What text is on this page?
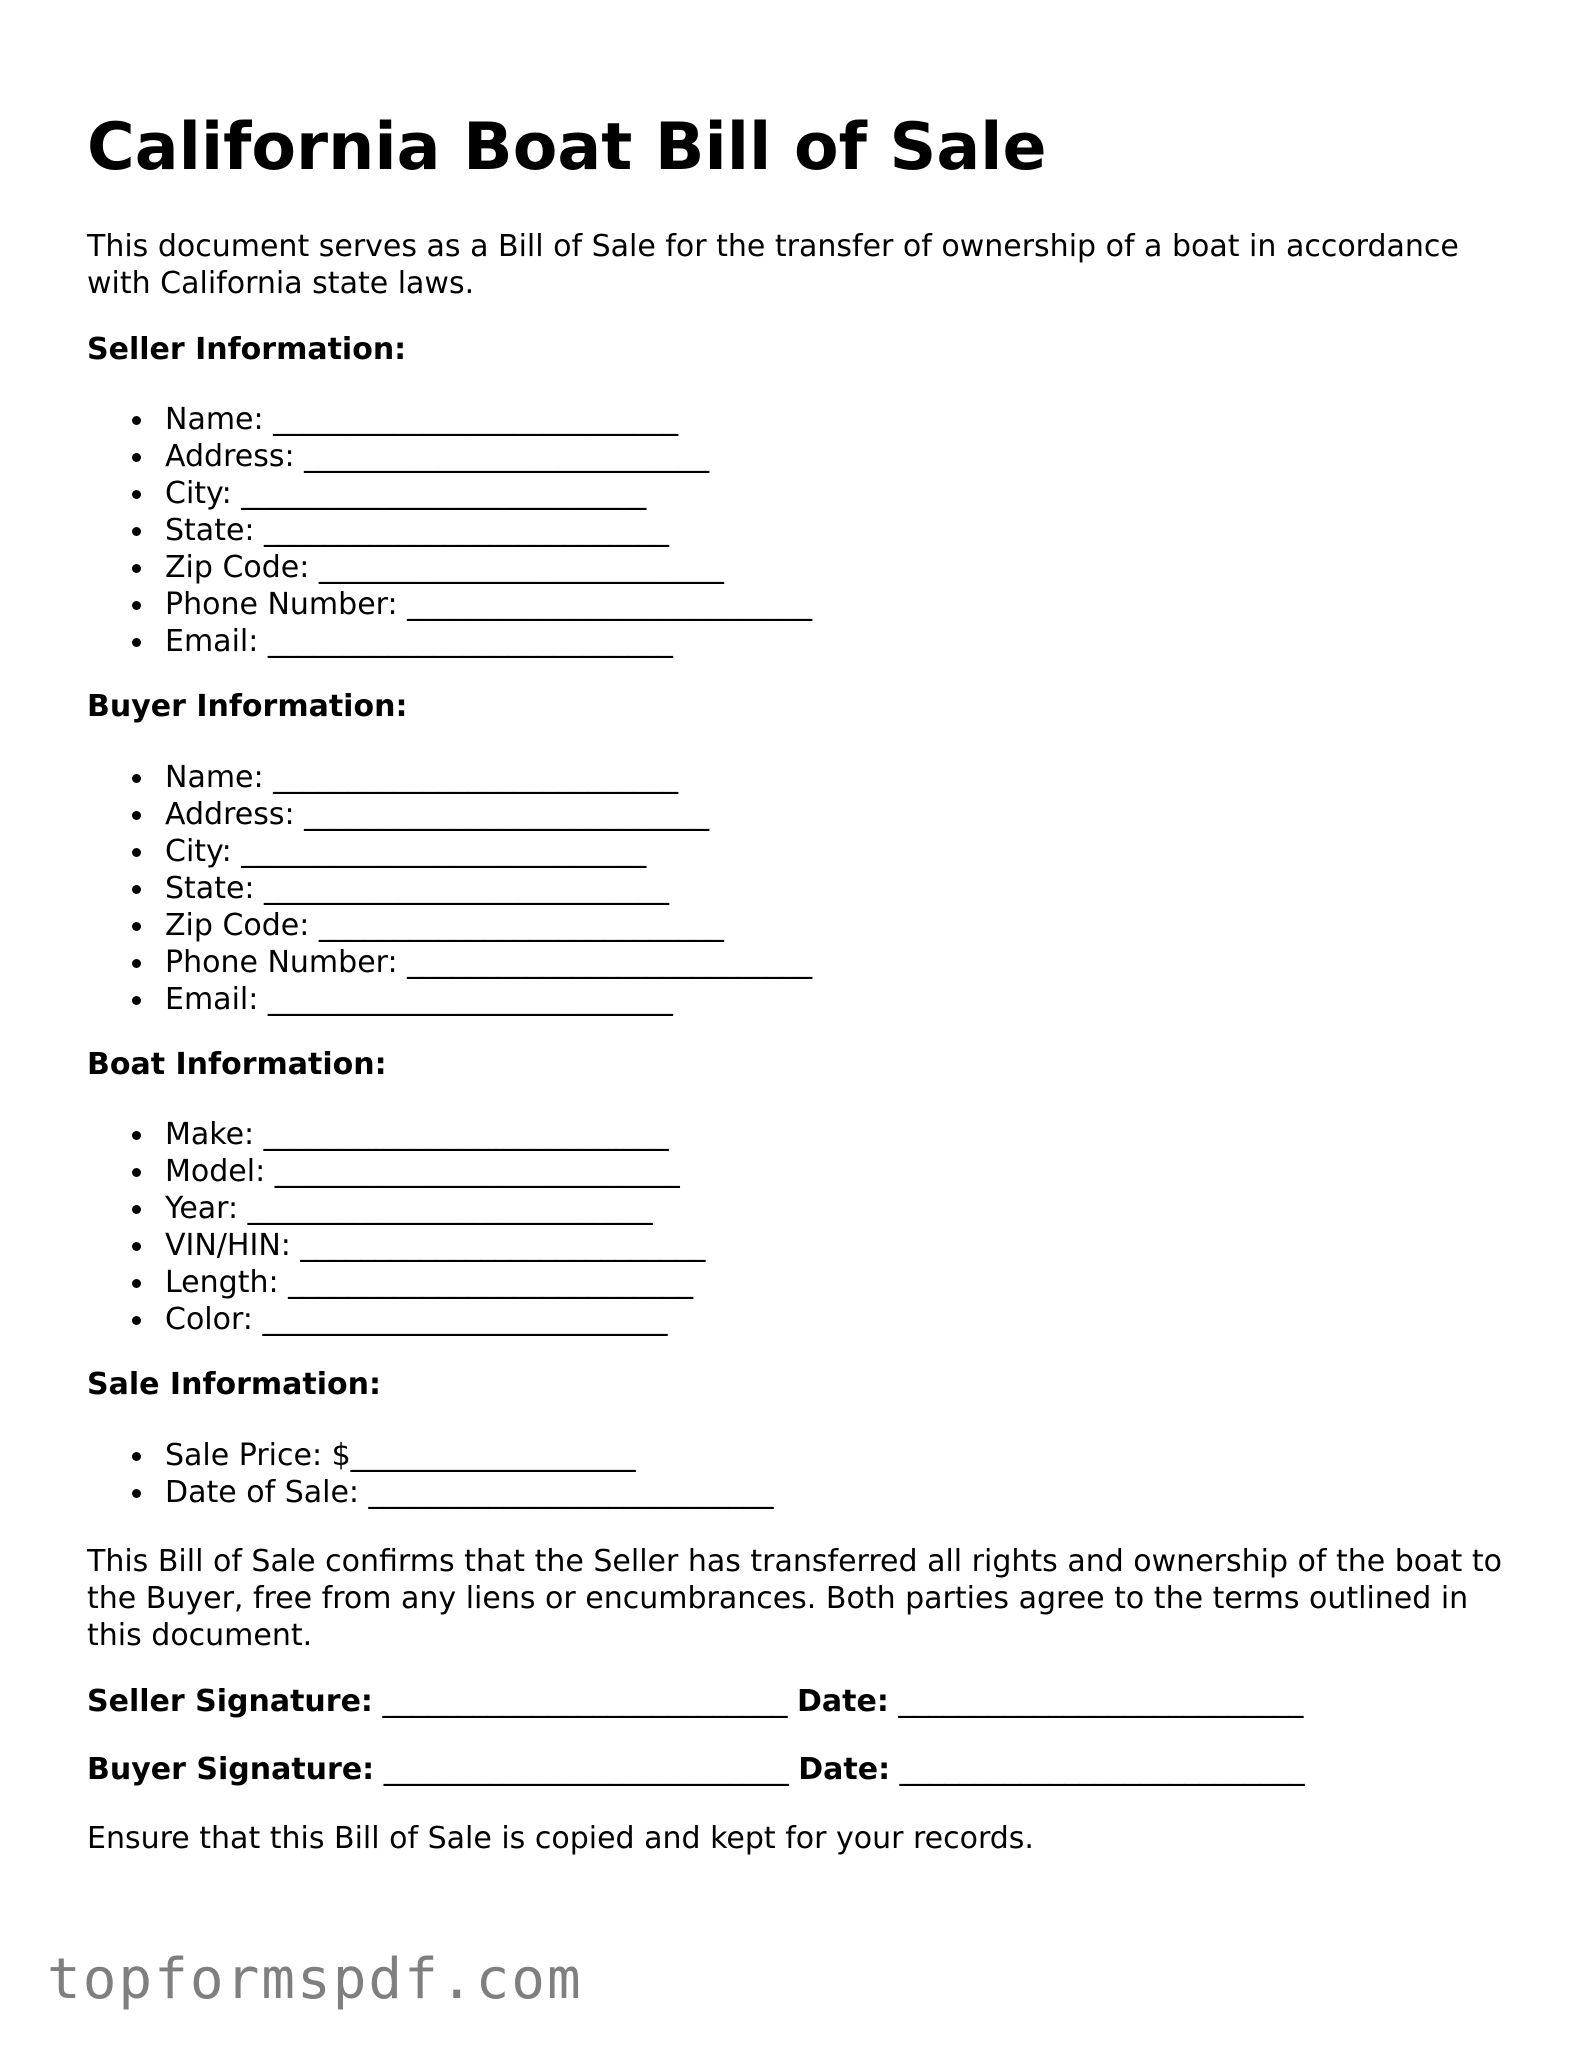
California Boat Bill of Sale

This document serves as a Bill of Sale for the transfer of ownership of a boat in accordance with California state laws.

Seller Information:

Name: ___________________________
Address: ___________________________
City: ___________________________
State: ___________________________
Zip Code: ___________________________
Phone Number: ___________________________
Email: ___________________________

Buyer Information:

Name: ___________________________
Address: ___________________________
City: ___________________________
State: ___________________________
Zip Code: ___________________________
Phone Number: ___________________________
Email: ___________________________

Boat Information:

Make: ___________________________
Model: ___________________________
Year: ___________________________
VIN/HIN: ___________________________
Length: ___________________________
Color: ___________________________

Sale Information:

Sale Price: $___________________
Date of Sale: ___________________________

This Bill of Sale confirms that the Seller has transferred all rights and ownership of the boat to the Buyer, free from any liens or encumbrances. Both parties agree to the terms outlined in this document.

Seller Signature: ___________________________ Date: ___________________________

Buyer Signature: ___________________________ Date: ___________________________

Ensure that this Bill of Sale is copied and kept for your records.

topformspdf.com
